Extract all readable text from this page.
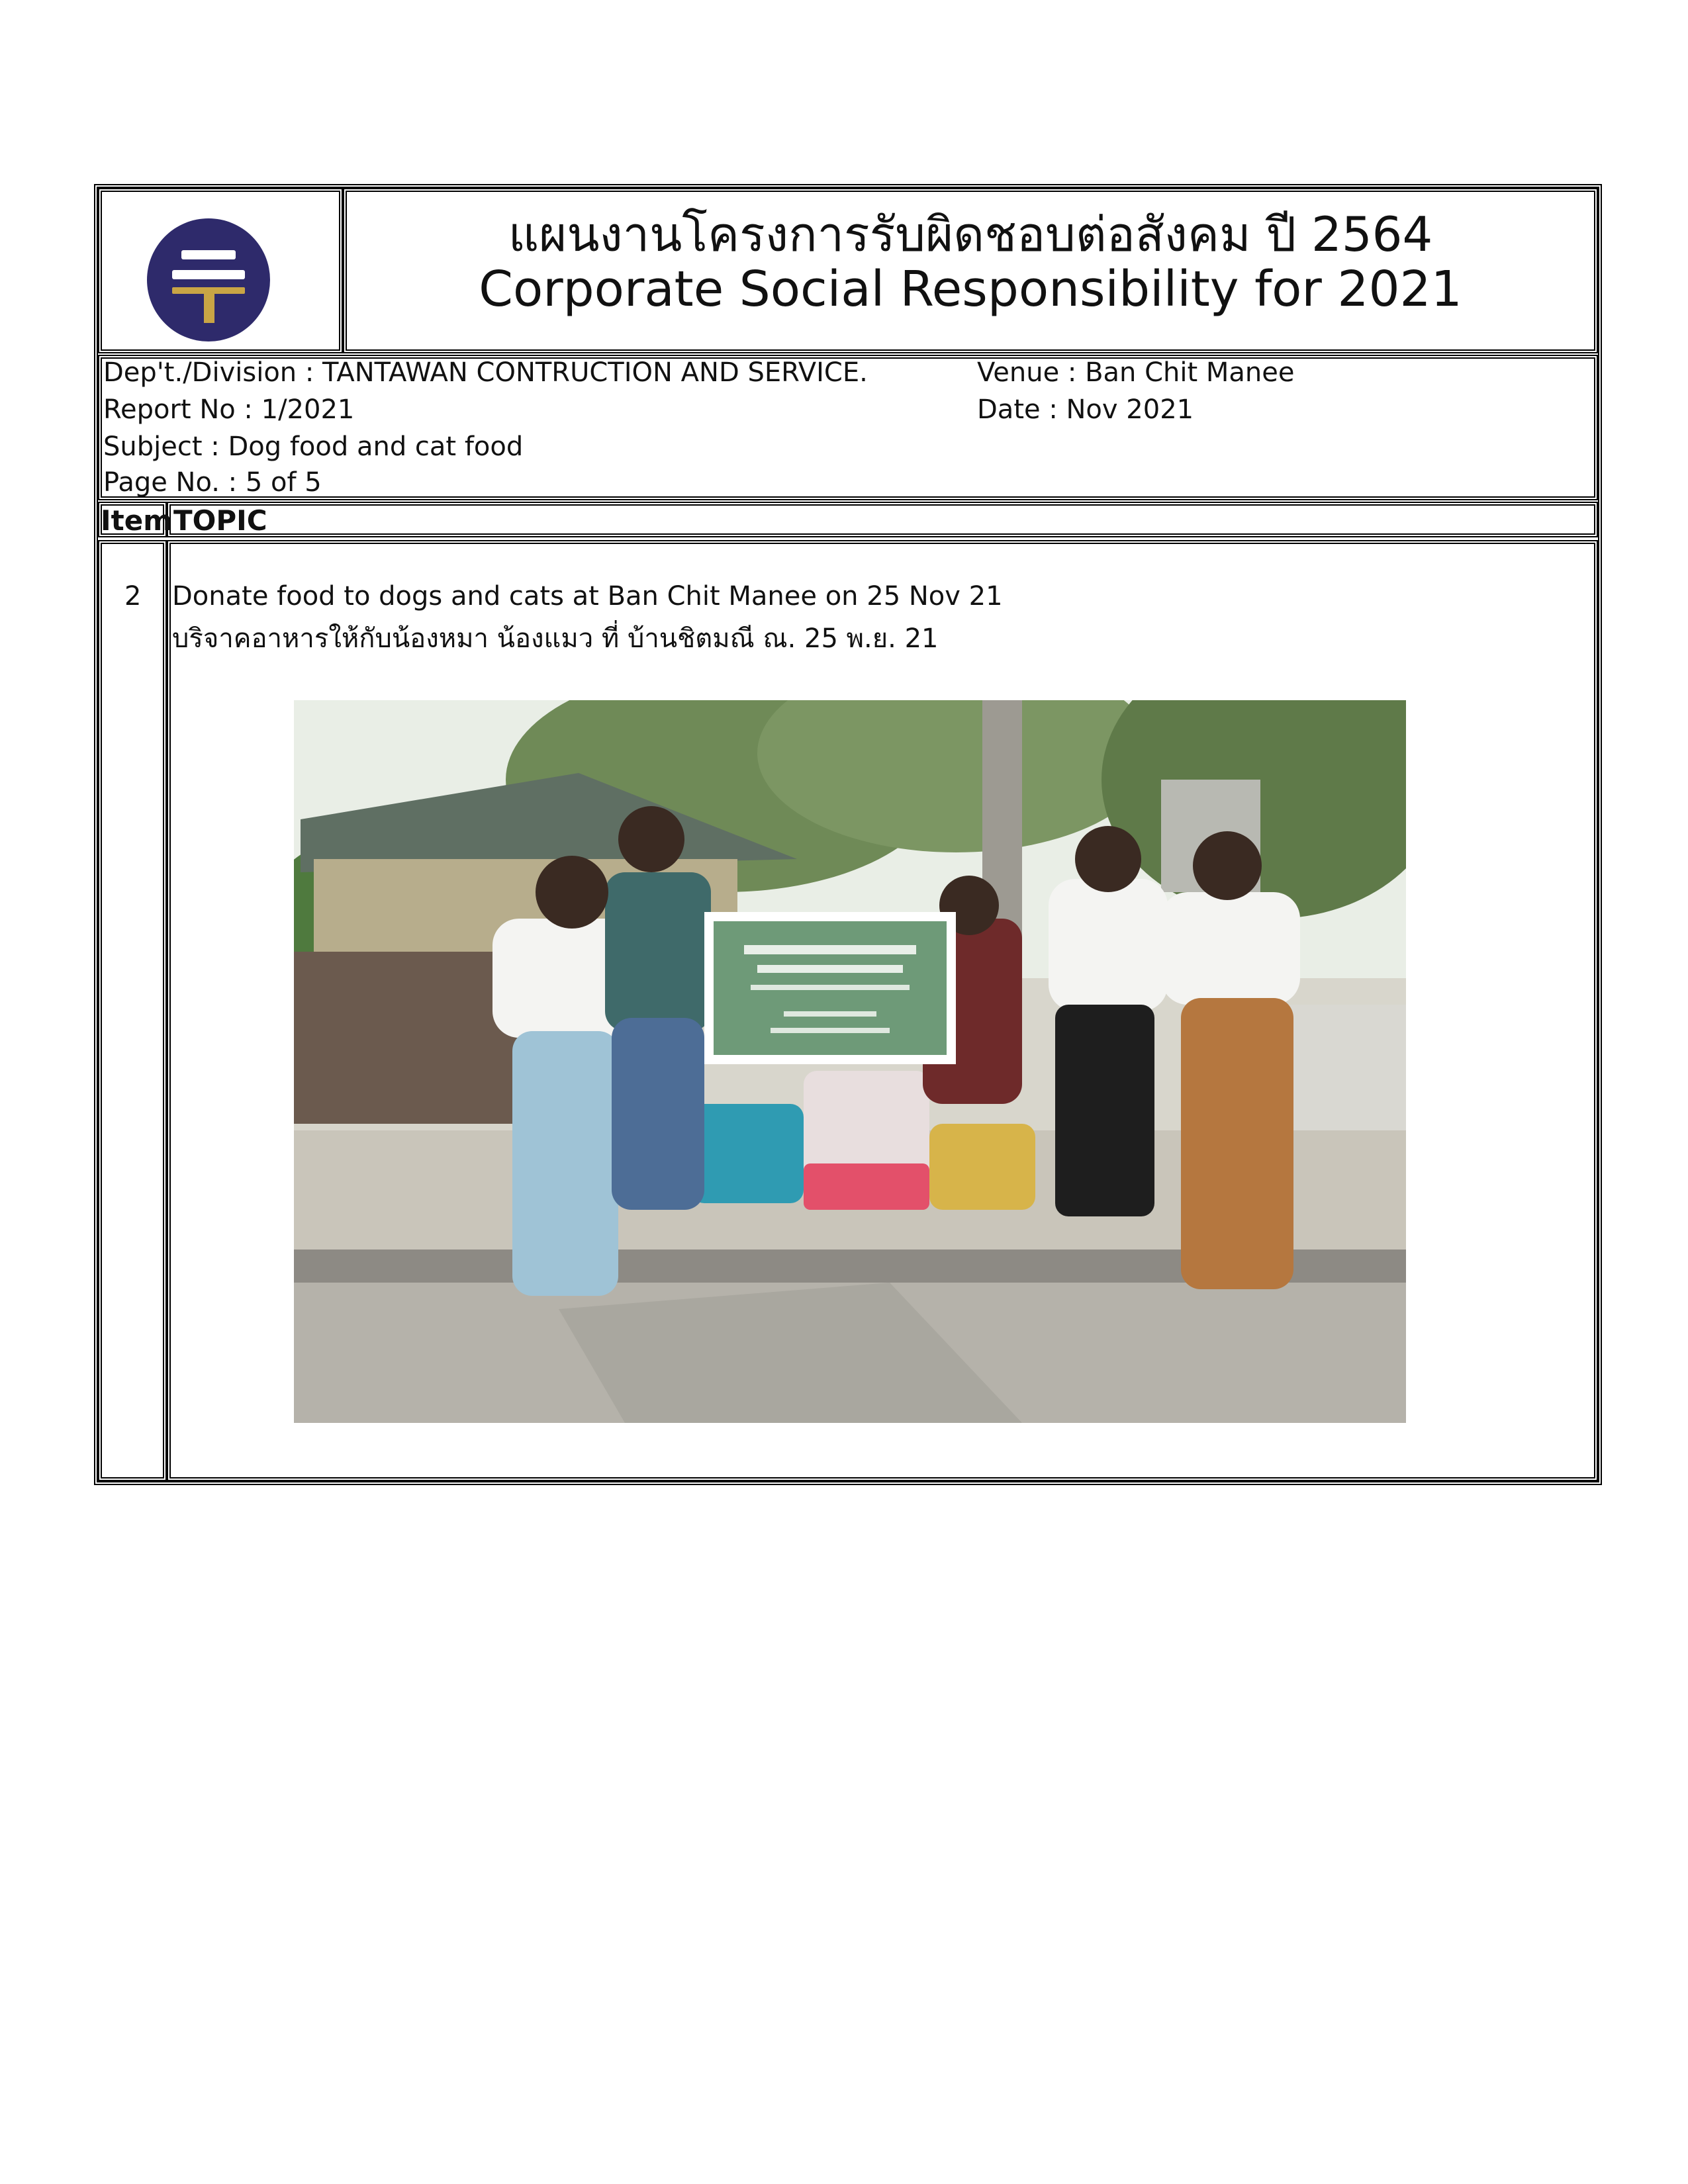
แผนงานโครงการรับผิดชอบต่อสังคม ปี 2564
Corporate Social Responsibility for 2021
Dep't./Division : TANTAWAN CONTRUCTION AND SERVICE.
Report No : 1/2021
Subject : Dog food and cat food
Page No. : 5 of 5
Venue : Ban Chit Manee
Date : Nov 2021
Item TOPIC
2 Donate food to dogs and cats at Ban Chit Manee on 25 Nov 21
บริจาคอาหารให้กับน้องหมา น้องแมว ที่ บ้านชิตมณี ณ. 25 พ.ย. 21
